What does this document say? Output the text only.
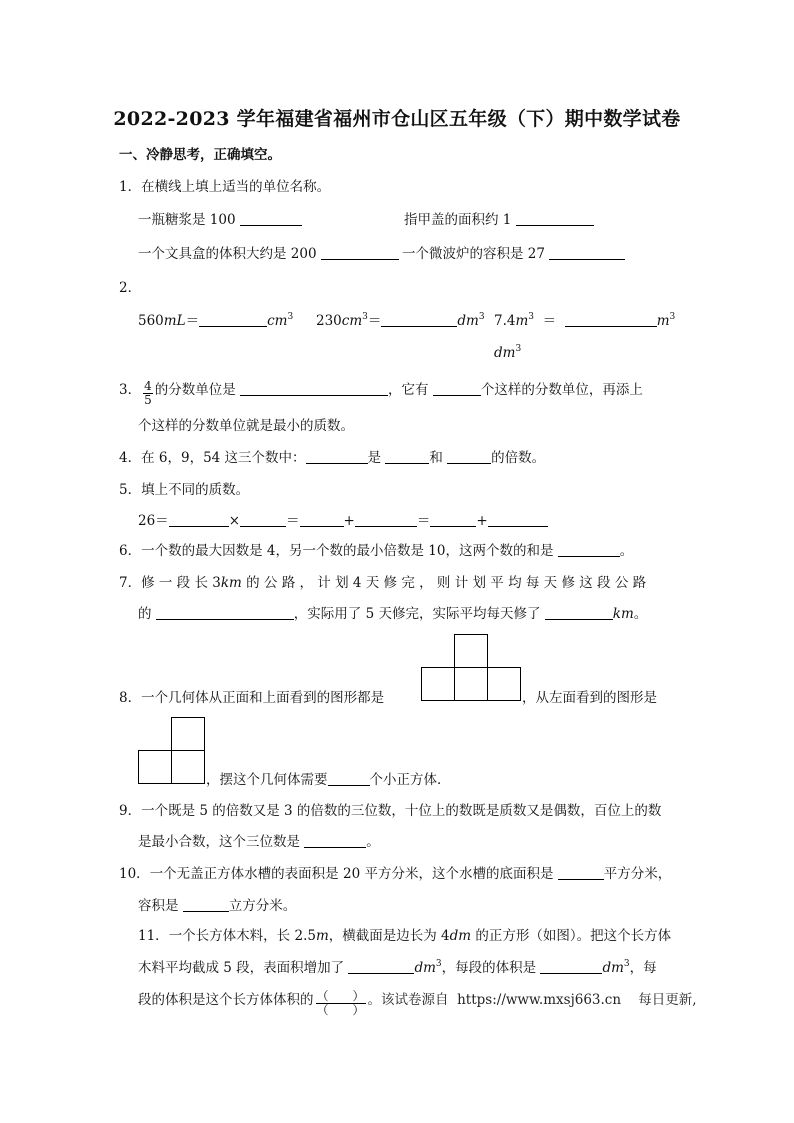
2022-2023 学年福建省福州市仓山区五年级（下）期中数学试卷
一、冷静思考，正确填空。
1．在横线上填上适当的单位名称。
一瓶糖浆是 100	指甲盖的面积约 1
一个文具盒的体积大约是 200	一个微波炉的容积是 27
2．
560mL＝	$cm^3$ $230cm^3=$	$dm^3$ $7.4m^3$ ＝	$m^3$
$dm^3$
3． $\frac{4}{5}$ 的分数单位是	，它有	个这样的分数单位，再添上
个这样的分数单位就是最小的质数。
4．在 6，9，54 这三个数中：	是	和	的倍数。
5．填上不同的质数。
26＝	×	＝	+	＝	+
6．一个数的最大因数是 4，另一个数的最小倍数是 10，这两个数的和是	。
7．修 一 段 长 3km 的 公 路 ， 计 划 4 天 修 完 ， 则 计 划 平 均 每 天 修 这 段 公 路
的	，实际用了 5 天修完，实际平均每天修了	km。
8．一个几何体从正面和上面看到的图形都是	，从左面看到的图形是
，摆这个几何体需要	个小正方体．
9．一个既是 5 的倍数又是 3 的倍数的三位数，十位上的数既是质数又是偶数，百位上的数
是最小合数，这个三位数是	。
10．一个无盖正方体水槽的表面积是 20 平方分米，这个水槽的底面积是	平方分米，
容积是	立方分米。
11．一个长方体木料，长 2.5m，横截面是边长为 4dm 的正方形（如图）。把这个长方体
木料平均截成 5 段，表面积增加了	$dm^3$，每段的体积是	$dm^3$，每
段的体积是这个长方体体积的 $\frac{( )}{( )}$ 。该试卷源自 https://www.mxsj663.cn 每日更新,
